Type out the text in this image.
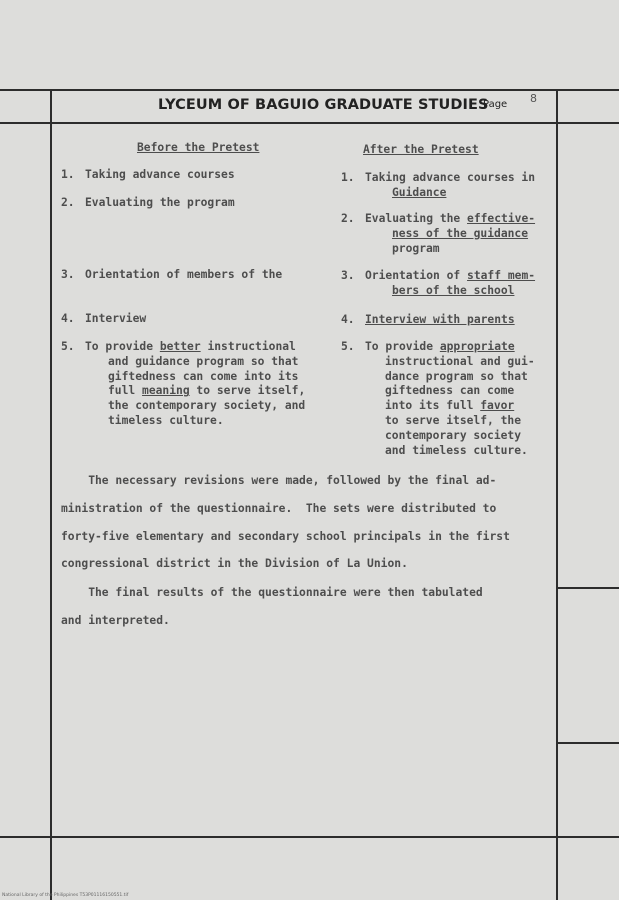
LYCEUM OF BAGUIO GRADUATE STUDIES
Page 8
Before the Pretest	After the Pretest
1. Taking advance courses
2. Evaluating the program
3. Orientation of members of the
4. Interview
5. To provide better instructional
and guidance program so that
giftedness can come into its
full meaning to serve itself,
the contemporary society, and
timeless culture.
1. Taking advance courses in
Guidance
2. Evaluating the effective-
ness of the guidance
program
3. Orientation of staff mem-
bers of the school
4. Interview with parents
5. To provide appropriate
instructional and gui-
dance program so that
giftedness can come
into its full favor
to serve itself, the
contemporary society
and timeless culture.
The necessary revisions were made, followed by the final ad-
ministration of the questionnaire.  The sets were distributed to
forty-five elementary and secondary school principals in the first
congressional district in the Division of La Union.
The final results of the questionnaire were then tabulated
and interpreted.
National Library of the Philippines T53P01116150551.tif
